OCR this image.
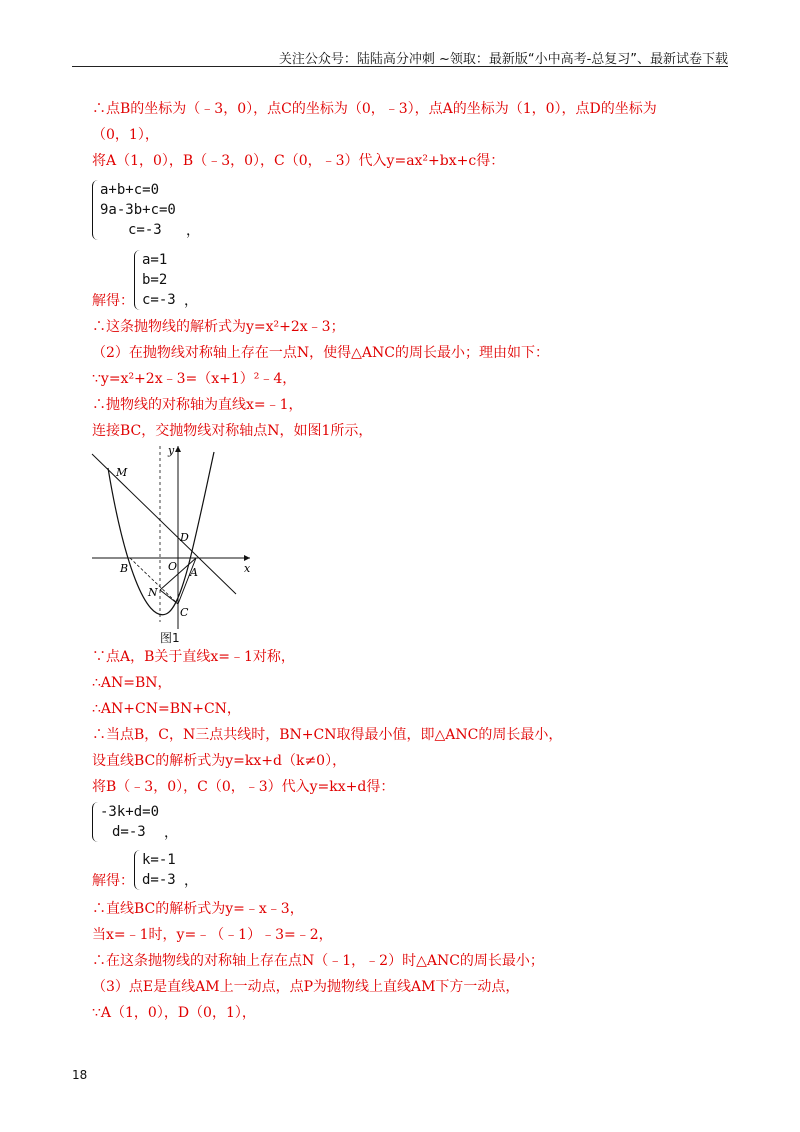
关注公众号：陆陆高分冲刺 ~领取：最新版“小中高考-总复习”、最新试卷下载
∴点B的坐标为（﹣3，0），点C的坐标为（0，﹣3），点A的坐标为（1，0），点D的坐标为
（0，1），
将A（1，0），B（﹣3，0），C（0，﹣3）代入y=ax²+bx+c得：
a+b+c=0
9a-3b+c=0
c=-3	，
解得：
a=1
b=2
c=-3 ，
∴这条抛物线的解析式为y=x²+2x﹣3；
（2）在抛物线对称轴上存在一点N，使得△ANC的周长最小；理由如下：
∵y=x²+2x﹣3=（x+1）²﹣4，
∴抛物线的对称轴为直线x=﹣1，
连接BC，交抛物线对称轴点N，如图1所示，
M
D
O
B	A
N
C
x
y
图1
∵点A，B关于直线x=﹣1对称，
∴AN=BN，
∴AN+CN=BN+CN，
∴当点B，C，N三点共线时，BN+CN取得最小值，即△ANC的周长最小，
设直线BC的解析式为y=kx+d（k≠0），
将B（﹣3，0），C（0，﹣3）代入y=kx+d得：
-3k+d=0
d=-3	，
解得：
k=-1
d=-3 ，
∴直线BC的解析式为y=﹣x﹣3，
当x=﹣1时，y=﹣（﹣1）﹣3=﹣2，
∴在这条抛物线的对称轴上存在点N（﹣1，﹣2）时△ANC的周长最小；
（3）点E是直线AM上一动点，点P为抛物线上直线AM下方一动点，
∵A（1，0），D（0，1），
18
